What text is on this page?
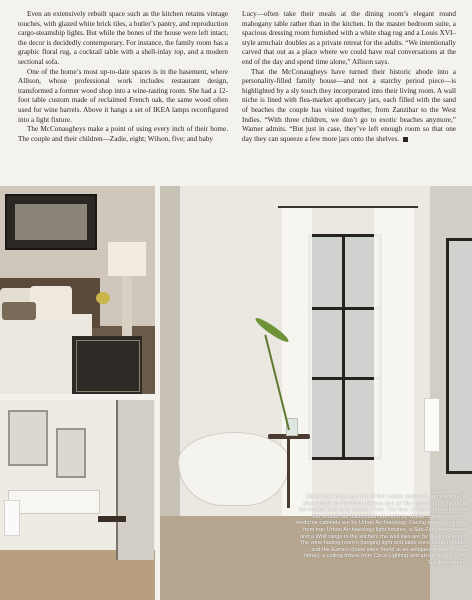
Even an extensively rebuilt space such as the kitchen retains vintage touches, with glazed white brick tiles, a butler’s pantry, and reproduction cargo-steamship lights. But while the bones of the house were left intact, the decor is decidedly contemporary. For instance, the family room has a graphic floral rug, a cocktail table with a shell-inlay top, and a modern sectional sofa.

One of the home’s most up-to-date spaces is in the basement, where Allison, whose professional work includes restaurant design, transformed a former wood shop into a wine-tasting room. She had a 12-foot table custom made of reclaimed French oak, the same wood often used for wine barrels. Above it hangs a set of IKEA lamps reconfigured into a light fixture.

The McConaugheys make a point of using every inch of their home. The couple and their children—Zadie, eight; Wilson, five; and baby

Lucy—often take their meals at the dining room’s elegant round mahogany table rather than in the kitchen. In the master bedroom suite, a spacious dressing room furnished with a white shag rug and a Louis XVI–style armchair doubles as a private retreat for the adults. “We intentionally carved that out as a place where we could have real conversations at the end of the day and spend time alone,” Allison says.

That the McConaugheys have turned their historic abode into a personality-filled family house—and not a starchy period piece—is highlighted by a sly touch they incorporated into their living room. A wall niche is lined with flea-market apothecary jars, each filled with the sand of beaches the couple has visited together, from Zanzibar to the West Indies. “With three children, we don’t go to exotic beaches anymore,” Warner admits. “But just in case, they’ve left enough room so that one day they can squeeze a few more jars onto the shelves.

Clockwise from top left: In the master bedroom, a mixed-media photograph by Pezhman Delsou and an Oly nightstand. The tub in the master bath is by Matteo Thun. The floor of Italian travertine and the mosaic-tile backsplash are both by Walker Zanger, and the medicine cabinets are by Urban Archaeology. Facing page, clockwise from top: Urban Archaeology light fixtures, a Sub-Zero refrigerator, and a Wolf range in the kitchen; the wall tiles are by Walker Zanger. The wine-tasting room’s hanging light and table were custom made, and the Eames chairs were found at an antiques market. In the library, a ceiling fixture from Circa Lighting and an ottoman by Oly. See Resources.
